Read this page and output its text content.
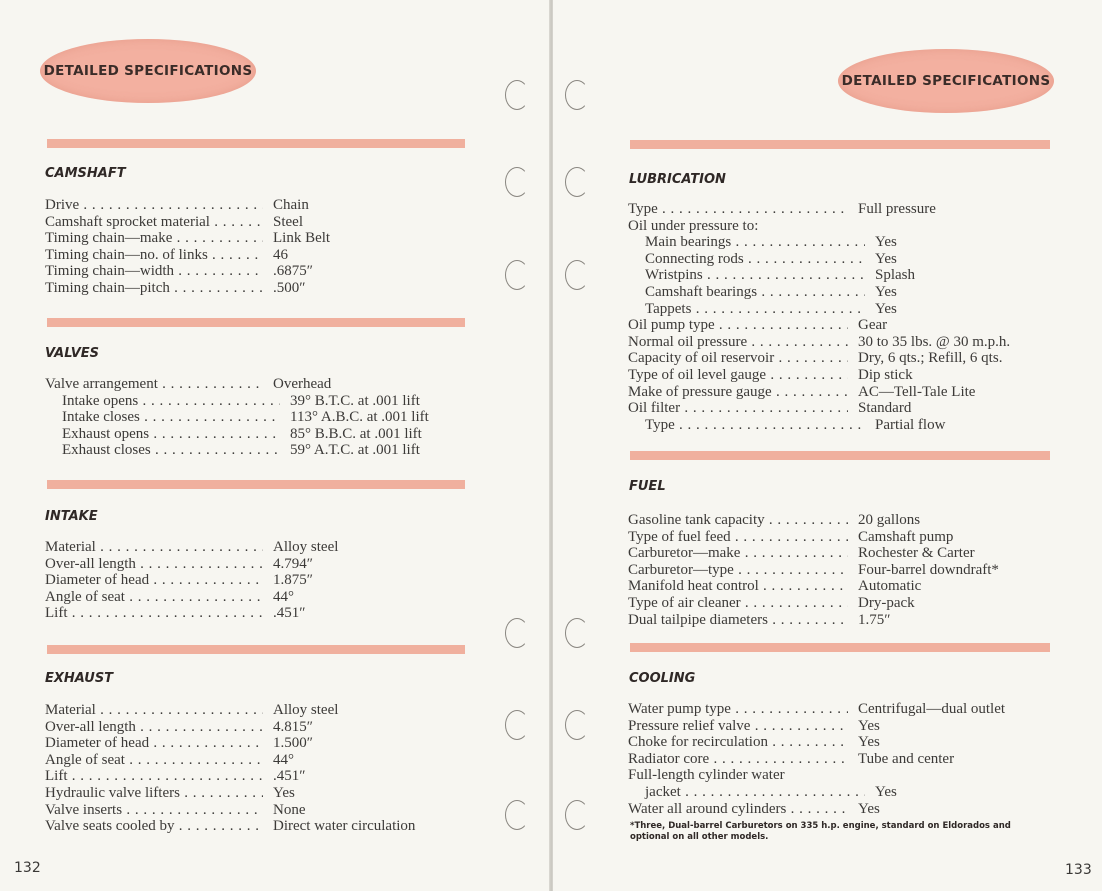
DETAILED SPECIFICATIONS
CAMSHAFT
Drive . . .	Chain
Camshaft sprocket material . . .	Steel
Timing chain—make . . .	Link Belt
Timing chain—no. of links . . .	46
Timing chain—width . . .	.6875″
Timing chain—pitch . . .	.500″
VALVES
Valve arrangement . . .	Overhead
Intake opens . . .	39° B.T.C. at .001 lift
Intake closes . . .	113° A.B.C. at .001 lift
Exhaust opens . . .	85° B.B.C. at .001 lift
Exhaust closes . . .	59° A.T.C. at .001 lift
INTAKE
Material . . .	Alloy steel
Over-all length . . .	4.794″
Diameter of head . . .	1.875″
Angle of seat . . .	44°
Lift . . .	.451″
EXHAUST
Material . . .	Alloy steel
Over-all length . . .	4.815″
Diameter of head . . .	1.500″
Angle of seat . . .	44°
Lift . . .	.451″
Hydraulic valve lifters . . .	Yes
Valve inserts . . .	None
Valve seats cooled by . . .	Direct water circulation
132
DETAILED SPECIFICATIONS
LUBRICATION
Type . . .	Full pressure
Oil under pressure to:
Main bearings . . .	Yes
Connecting rods . . .	Yes
Wristpins . . .	Splash
Camshaft bearings . . .	Yes
Tappets . . .	Yes
Oil pump type . . .	Gear
Normal oil pressure . . .	30 to 35 lbs. @ 30 m.p.h.
Capacity of oil reservoir . . .	Dry, 6 qts.; Refill, 6 qts.
Type of oil level gauge . . .	Dip stick
Make of pressure gauge . . .	AC—Tell-Tale Lite
Oil filter . . .	Standard
Type . . .	Partial flow
FUEL
Gasoline tank capacity . . .	20 gallons
Type of fuel feed . . .	Camshaft pump
Carburetor—make . . .	Rochester & Carter
Carburetor—type . . .	Four-barrel downdraft*
Manifold heat control . . .	Automatic
Type of air cleaner . . .	Dry-pack
Dual tailpipe diameters . . .	1.75″
COOLING
Water pump type . . .	Centrifugal—dual outlet
Pressure relief valve . . .	Yes
Choke for recirculation . . .	Yes
Radiator core . . .	Tube and center
Full-length cylinder water
jacket . . .	Yes
Water all around cylinders . . .	Yes
*Three, Dual-barrel Carburetors on 335 h.p. engine, standard on Eldorados and optional on all other models.
133
